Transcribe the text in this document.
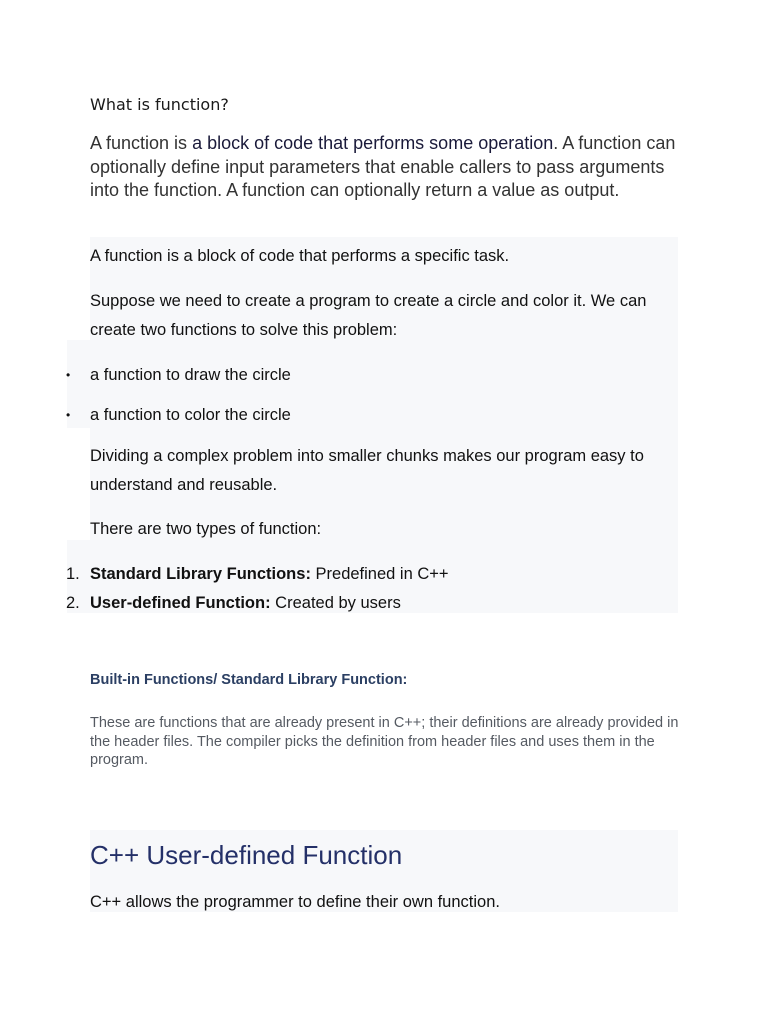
What is function?
A function is a block of code that performs some operation. A function can optionally define input parameters that enable callers to pass arguments into the function. A function can optionally return a value as output.
A function is a block of code that performs a specific task.
Suppose we need to create a program to create a circle and color it. We can create two functions to solve this problem:
• a function to draw the circle
• a function to color the circle
Dividing a complex problem into smaller chunks makes our program easy to understand and reusable.
There are two types of function:
1. Standard Library Functions: Predefined in C++
2. User-defined Function: Created by users
Built-in Functions/ Standard Library Function:
These are functions that are already present in C++; their definitions are already provided in the header files. The compiler picks the definition from header files and uses them in the program.
C++ User-defined Function
C++ allows the programmer to define their own function.
